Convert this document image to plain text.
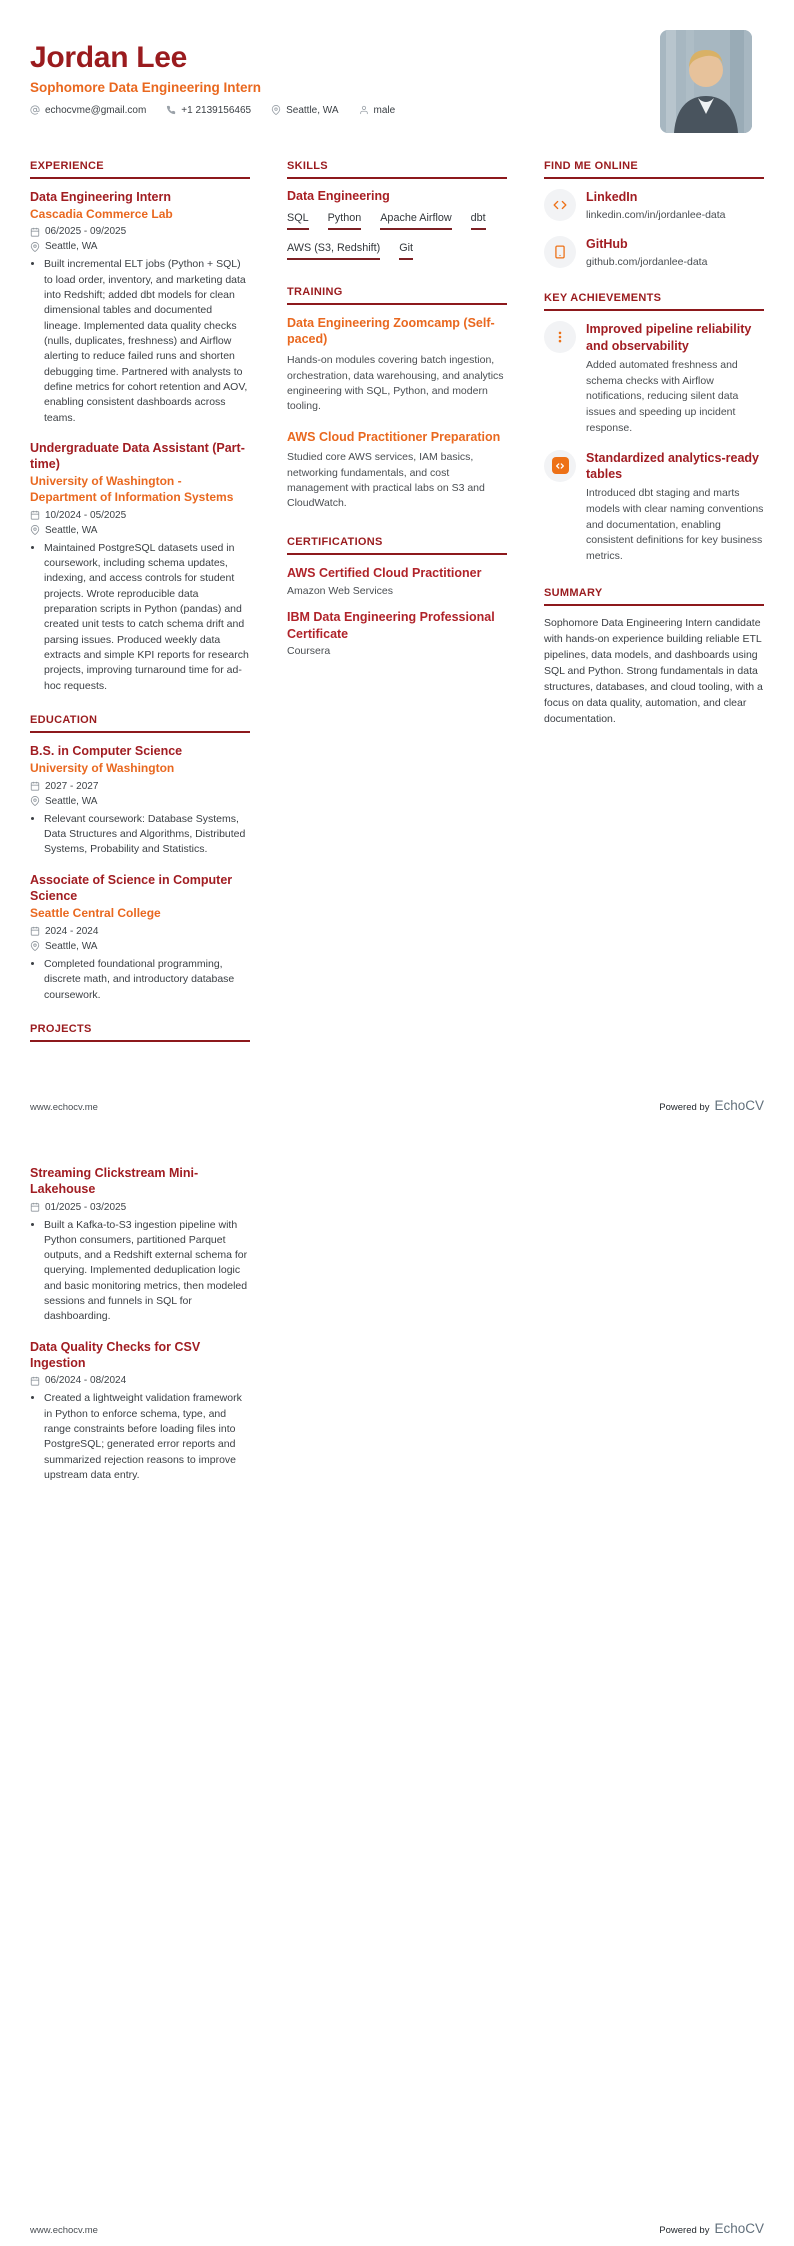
Jordan Lee
Sophomore Data Engineering Intern
echocvme@gmail.com	+1 2139156465	Seattle, WA	male
EXPERIENCE
Data Engineering Intern
Cascadia Commerce Lab
06/2025 - 09/2025
Seattle, WA
• Built incremental ELT jobs (Python + SQL) to load order, inventory, and marketing data into Redshift; added dbt models for clean dimensional tables and documented lineage. Implemented data quality checks (nulls, duplicates, freshness) and Airflow alerting to reduce failed runs and shorten debugging time. Partnered with analysts to define metrics for cohort retention and AOV, enabling consistent dashboards across teams.
Undergraduate Data Assistant (Part-time)
University of Washington - Department of Information Systems
10/2024 - 05/2025
Seattle, WA
• Maintained PostgreSQL datasets used in coursework, including schema updates, indexing, and access controls for student projects. Wrote reproducible data preparation scripts in Python (pandas) and created unit tests to catch schema drift and parsing issues. Produced weekly data extracts and simple KPI reports for research projects, improving turnaround time for ad-hoc requests.
EDUCATION
B.S. in Computer Science
University of Washington
2027 - 2027
Seattle, WA
• Relevant coursework: Database Systems, Data Structures and Algorithms, Distributed Systems, Probability and Statistics.
Associate of Science in Computer Science
Seattle Central College
2024 - 2024
Seattle, WA
• Completed foundational programming, discrete math, and introductory database coursework.
PROJECTS
SKILLS
Data Engineering
SQL Python Apache Airflow dbt
AWS (S3, Redshift) Git
TRAINING
Data Engineering Zoomcamp (Self-paced)
Hands-on modules covering batch ingestion, orchestration, data warehousing, and analytics engineering with SQL, Python, and modern tooling.
AWS Cloud Practitioner Preparation
Studied core AWS services, IAM basics, networking fundamentals, and cost management with practical labs on S3 and CloudWatch.
CERTIFICATIONS
AWS Certified Cloud Practitioner
Amazon Web Services
IBM Data Engineering Professional Certificate
Coursera
FIND ME ONLINE
LinkedIn
linkedin.com/in/jordanlee-data
GitHub
github.com/jordanlee-data
KEY ACHIEVEMENTS
Improved pipeline reliability and observability
Added automated freshness and schema checks with Airflow notifications, reducing silent data issues and speeding up incident response.
Standardized analytics-ready tables
Introduced dbt staging and marts models with clear naming conventions and documentation, enabling consistent definitions for key business metrics.
SUMMARY

Sophomore Data Engineering Intern candidate with hands-on experience building reliable ETL pipelines, data models, and dashboards using SQL and Python. Strong fundamentals in data structures, databases, and cloud tooling, with a focus on data quality, automation, and clear documentation.

www.echocv.me	Powered by EchoCV
Streaming Clickstream Mini-Lakehouse
01/2025 - 03/2025
• Built a Kafka-to-S3 ingestion pipeline with Python consumers, partitioned Parquet outputs, and a Redshift external schema for querying. Implemented deduplication logic and basic monitoring metrics, then modeled sessions and funnels in SQL for dashboarding.
Data Quality Checks for CSV Ingestion
06/2024 - 08/2024
• Created a lightweight validation framework in Python to enforce schema, type, and range constraints before loading files into PostgreSQL; generated error reports and summarized rejection reasons to improve upstream data entry.
www.echocv.me	Powered by EchoCV
